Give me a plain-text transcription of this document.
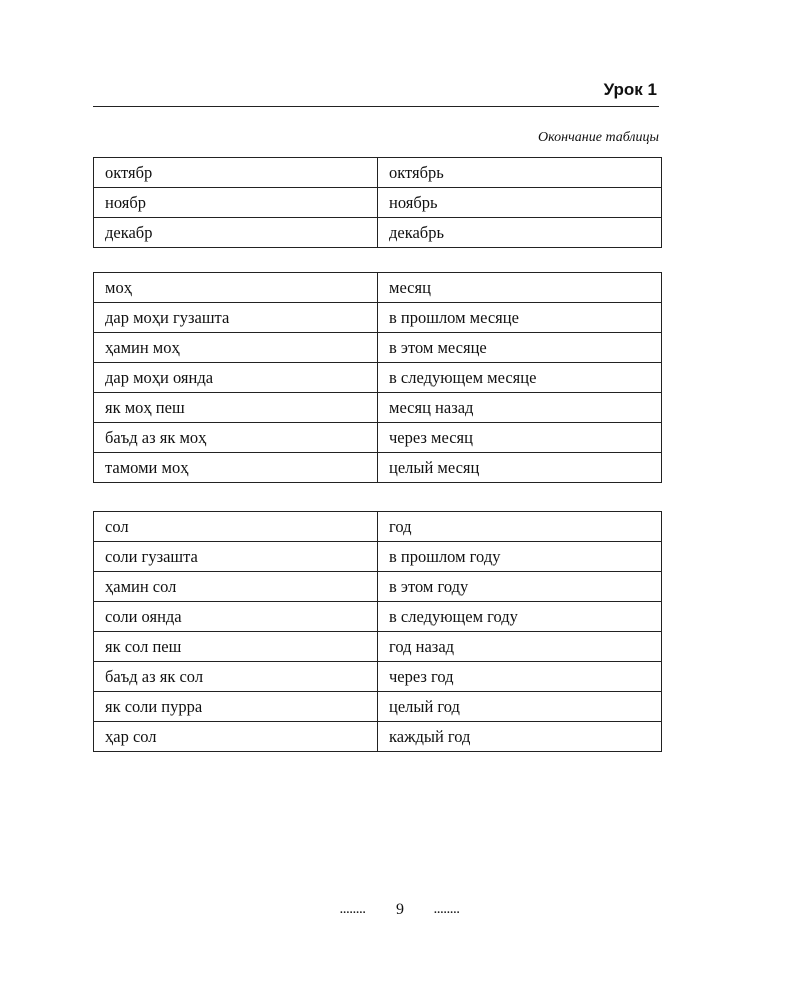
Урок 1
Окончание таблицы
октябр	октябрь
ноябр	ноябрь
декабр	декабрь
моҳ	месяц
дар моҳи гузашта	в прошлом месяце
ҳамин моҳ	в этом месяце
дар моҳи оянда	в следующем месяце
як моҳ пеш	месяц назад
баъд аз як моҳ	через месяц
тамоми моҳ	целый месяц
сол	год
соли гузашта	в прошлом году
ҳамин сол	в этом году
соли оянда	в следующем году
як сол пеш	год назад
баъд аз як сол	через год
як соли пурра	целый год
ҳар сол	каждый год
........ 9	........
